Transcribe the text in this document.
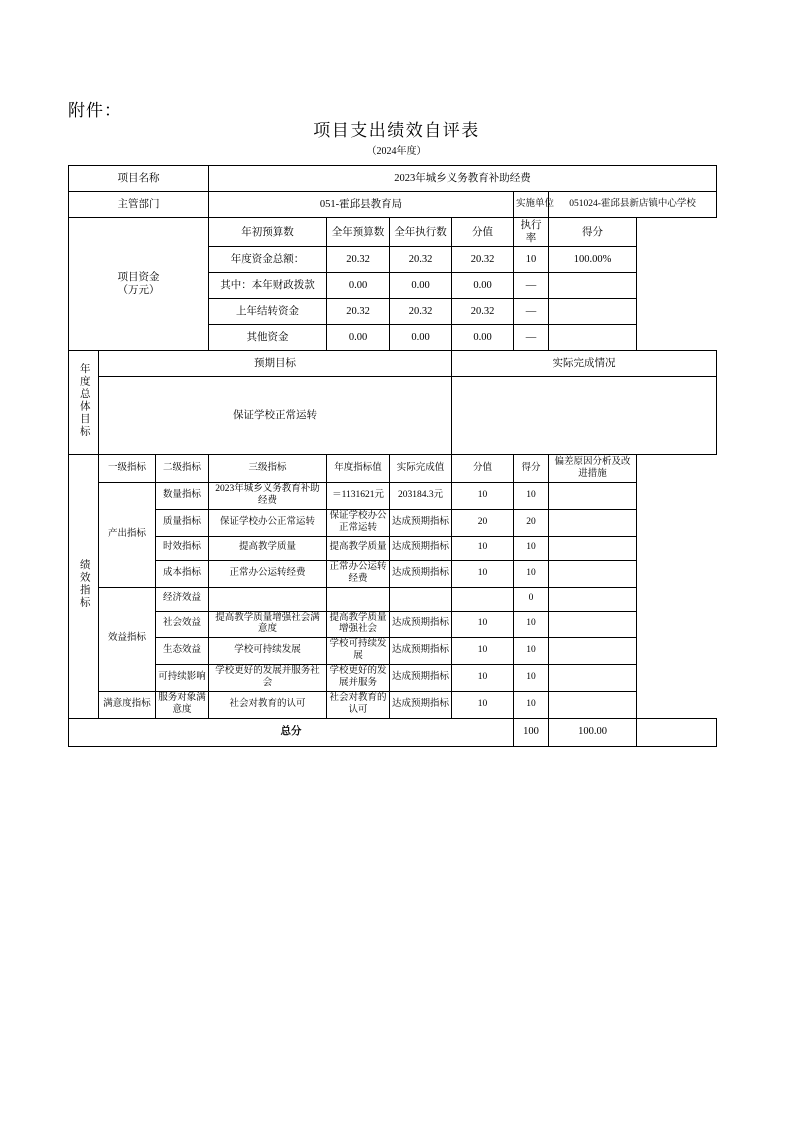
附件：
项目支出绩效自评表
（2024年度）
项目名称			2023年城乡义务教育补助经费						
主管部门			051-霍邱县教育局				实施单位	051024-霍邱县新店镇中心学校	

项目资金
（万元）			年初预算数	全年预算数	全年执行数	分值	执行率	得分	
			年度资金总额：	20.32	20.32	20.32	10	100.00%	
			其中：本年财政拨款	0.00	0.00	0.00	—		
			上年结转资金	20.32	20.32	20.32	—		
			其他资金	0.00	0.00	0.00	—		
年度总体目标	预期目标					实际完成情况			
	保证学校正常运转								
绩效指标	一级指标	二级指标	三级指标	年度指标值	实际完成值	分值	得分	偏差原因分析及改进措施	
	产出指标	数量指标	2023年城乡义务教育补助经费	＝1131621元	203184.3元	10	10		
		质量指标	保证学校办公正常运转	保证学校办公正常运转	达成预期指标	20	20		
		时效指标	提高教学质量	提高教学质量	达成预期指标	10	10		
		成本指标	正常办公运转经费	正常办公运转经费	达成预期指标	10	10		
	效益指标	经济效益					0		
		社会效益	提高教学质量增强社会满意度	提高教学质量增强社会	达成预期指标	10	10		
		生态效益	学校可持续发展	学校可持续发展	达成预期指标	10	10		
		可持续影响	学校更好的发展并服务社会	学校更好的发展并服务	达成预期指标	10	10		
	满意度指标	服务对象满意度	社会对教育的认可	社会对教育的认可	达成预期指标	10	10		
总分							100	100.00	
